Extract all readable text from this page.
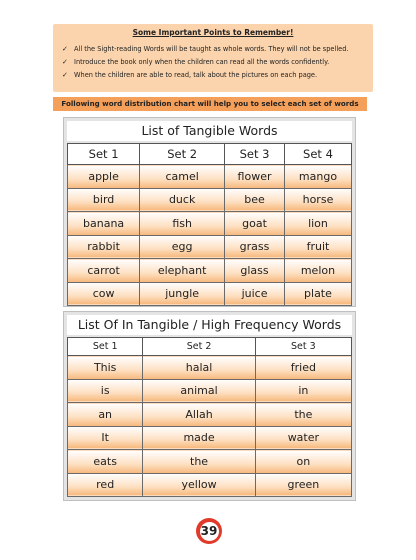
Some Important Points to Remember!
✓ All the Sight-reading Words will be taught as whole words. They will not be spelled.
✓ Introduce the book only when the children can read all the words confidently.
✓ When the children are able to read, talk about the pictures on each page.
Following word distribution chart will help you to select each set of words
List of Tangible Words
Set 1	Set 2	Set 3	Set 4
apple	camel	flower	mango
bird	duck	bee	horse
banana	fish	goat	lion
rabbit	egg	grass	fruit
carrot	elephant	glass	melon
cow	jungle	juice	plate
List Of In Tangible / High Frequency Words
Set 1	Set 2	Set 3
This	halal	fried
is	animal	in
an	Allah	the
It	made	water
eats	the	on
red	yellow	green
39
